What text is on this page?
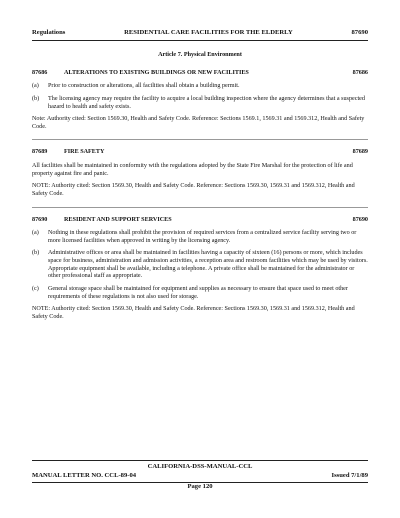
Regulations	RESIDENTIAL CARE FACILITIES FOR THE ELDERLY	87690
Article 7. Physical Environment
87686	ALTERATIONS TO EXISTING BUILDINGS OR NEW FACILITIES	87686
(a)	Prior to construction or alterations, all facilities shall obtain a building permit.
(b)	The licensing agency may require the facility to acquire a local building inspection where the agency determines that a suspected hazard to health and safety exists.
Note: Authority cited: Section 1569.30, Health and Safety Code. Reference: Sections 1569.1, 1569.31 and 1569.312, Health and Safety Code.
87689	FIRE SAFETY	87689
All facilities shall be maintained in conformity with the regulations adopted by the State Fire Marshal for the protection of life and property against fire and panic.
NOTE: Authority cited: Section 1569.30, Health and Safety Code. Reference: Sections 1569.30, 1569.31 and 1569.312, Health and Safety Code.
87690	RESIDENT AND SUPPORT SERVICES	87690
(a)	Nothing in these regulations shall prohibit the provision of required services from a centralized service facility serving two or more licensed facilities when approved in writing by the licensing agency.
(b)	Administrative offices or area shall be maintained in facilities having a capacity of sixteen (16) persons or more, which includes space for business, administration and admission activities, a reception area and restroom facilities which may be used by visitors. Appropriate equipment shall be available, including a telephone. A private office shall be maintained for the administrator or other professional staff as appropriate.
(c)	General storage space shall be maintained for equipment and supplies as necessary to ensure that space used to meet other requirements of these regulations is not also used for storage.
NOTE: Authority cited: Section 1569.30, Health and Safety Code. Reference: Sections 1569.30, 1569.31 and 1569.312, Health and Safety Code.
CALIFORNIA-DSS-MANUAL-CCL
MANUAL LETTER NO. CCL-89-04	Issued 7/1/89
Page 120
